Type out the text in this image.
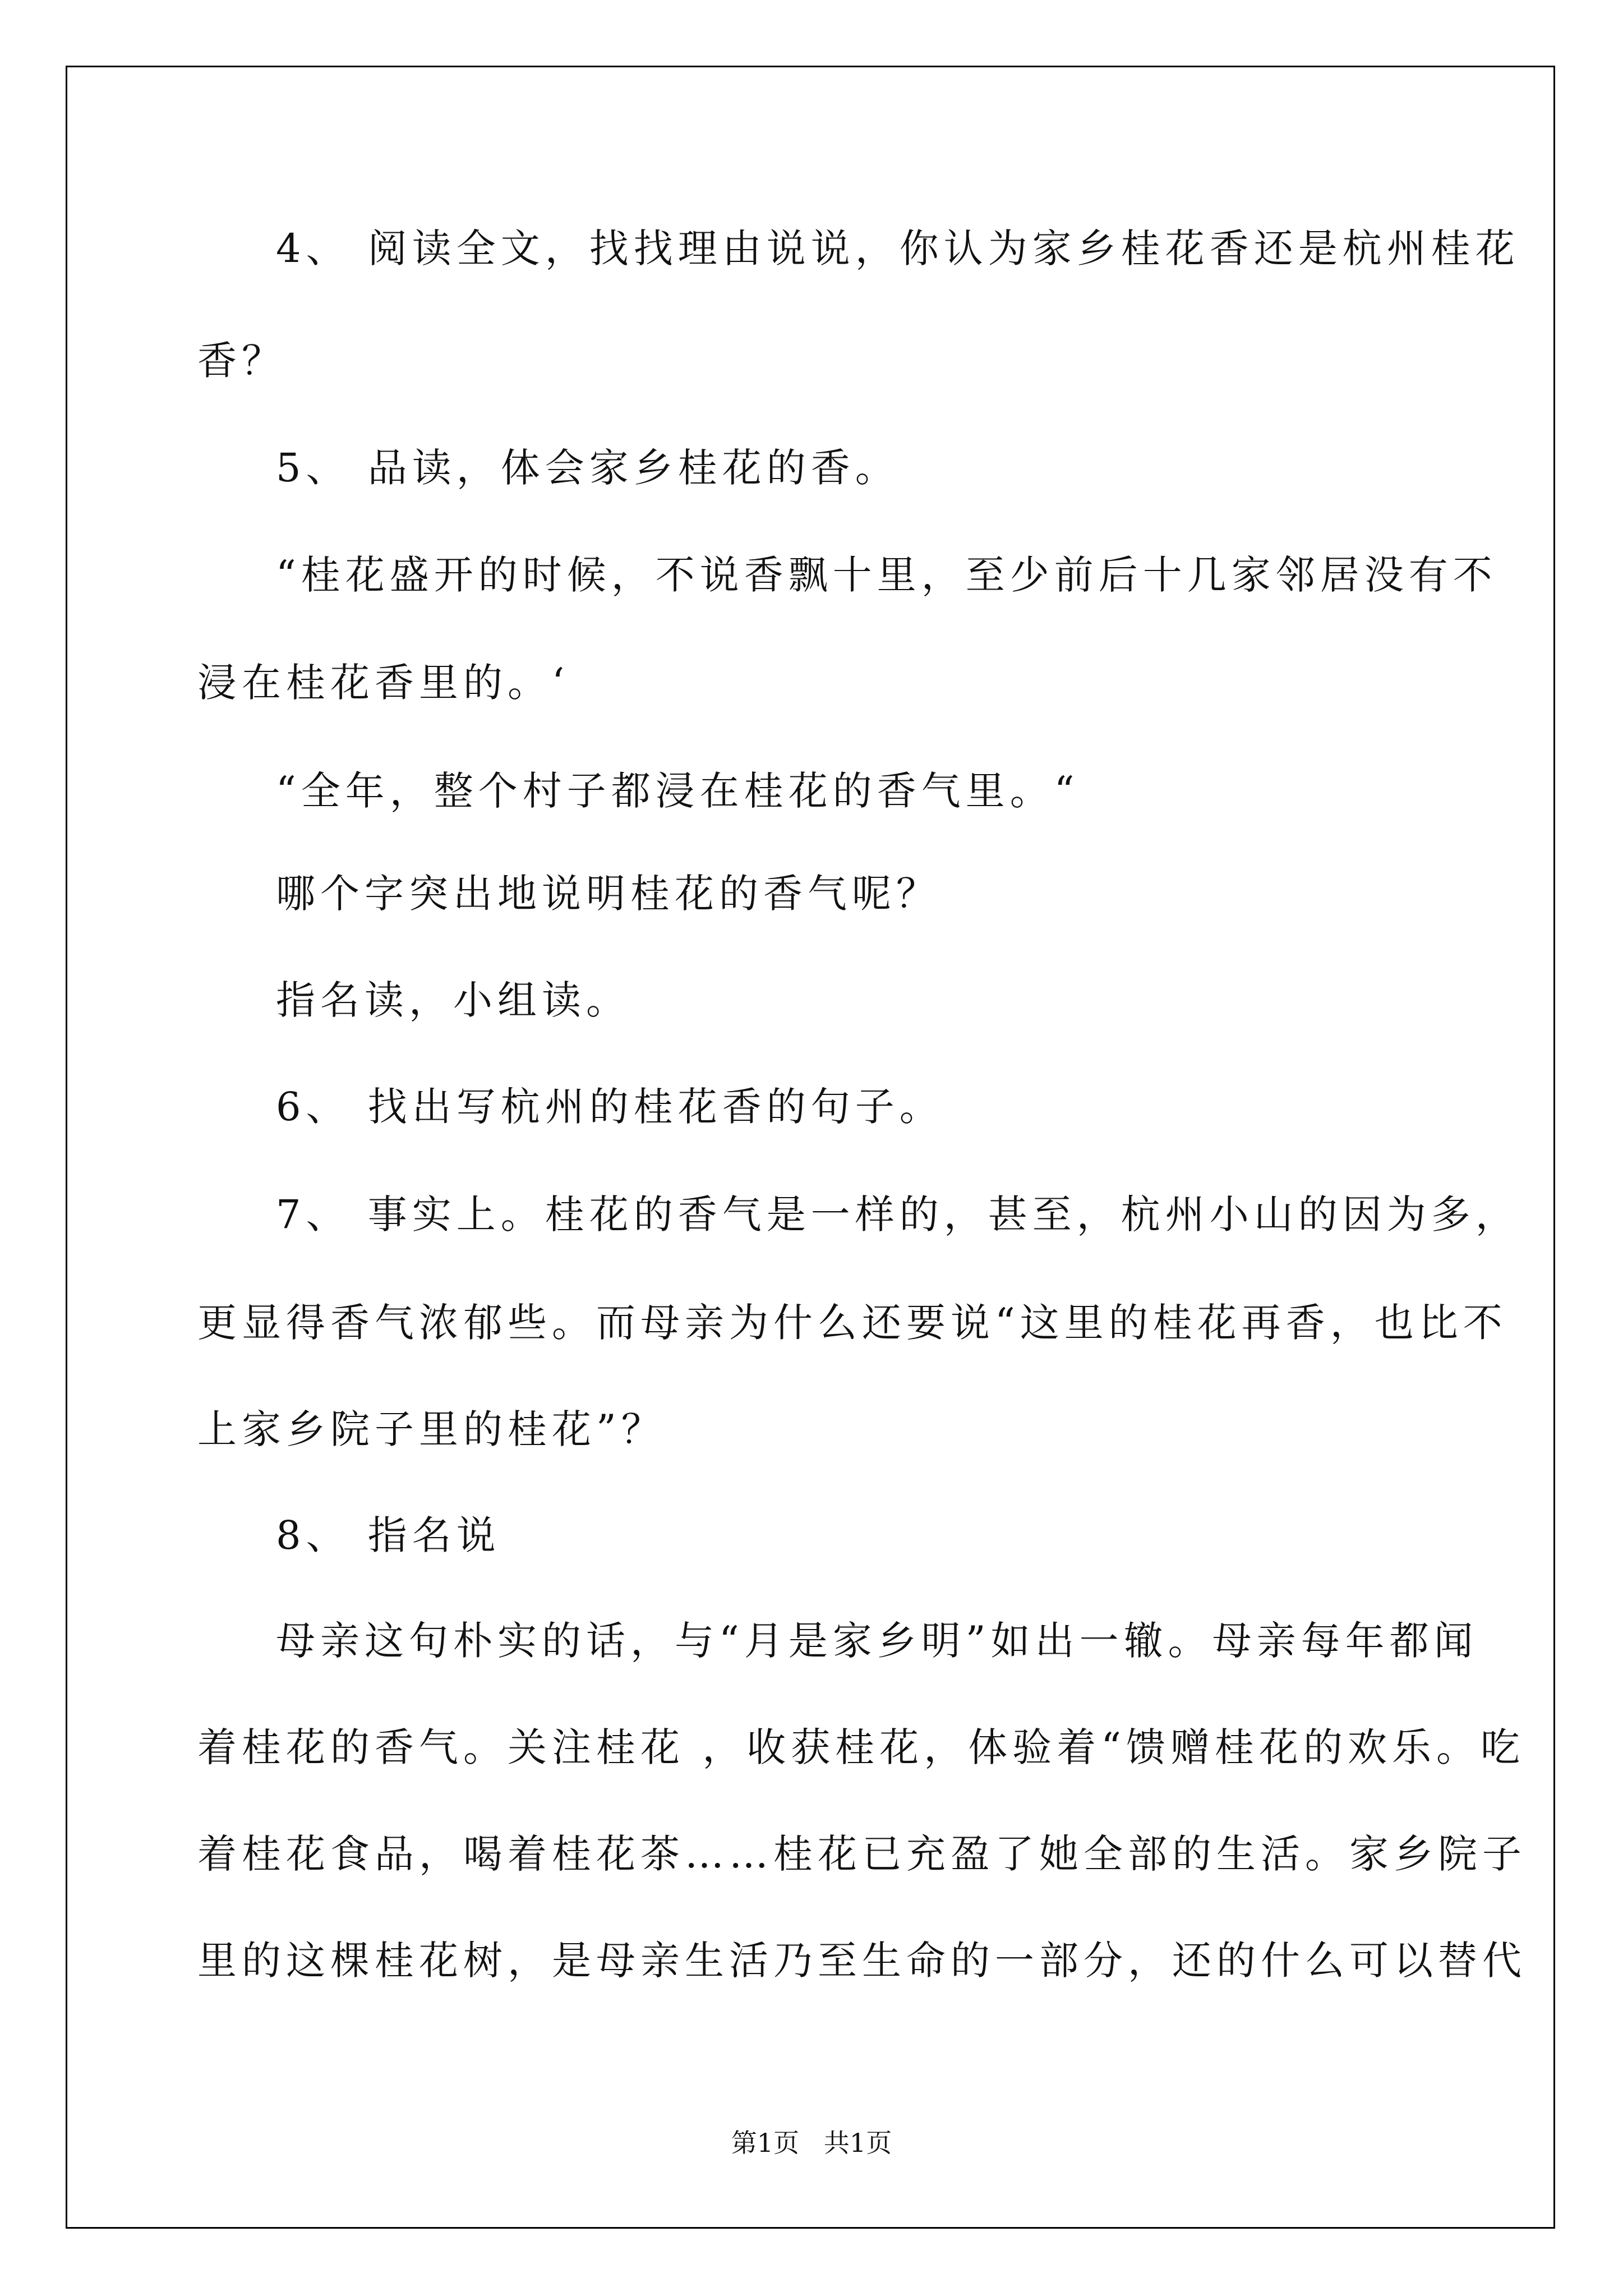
4、 阅读全文，找找理由说说，你认为家乡桂花香还是杭州桂花
香？
5、 品读，体会家乡桂花的香。
“桂花盛开的时候，不说香飘十里，至少前后十几家邻居没有不
浸在桂花香里的。‘
“全年，整个村子都浸在桂花的香气里。“
哪个字突出地说明桂花的香气呢？
指名读，小组读。
6、 找出写杭州的桂花香的句子。
7、 事实上。桂花的香气是一样的，甚至，杭州小山的因为多，
更显得香气浓郁些。而母亲为什么还要说“这里的桂花再香，也比不
上家乡院子里的桂花”？
8、 指名说
母亲这句朴实的话，与“月是家乡明”如出一辙。母亲每年都闻
着桂花的香气。关注桂花 ，收获桂花，体验着“馈赠桂花的欢乐。吃
着桂花食品，喝着桂花茶……桂花已充盈了她全部的生活。家乡院子
里的这棵桂花树，是母亲生活乃至生命的一部分，还的什么可以替代
第1页   共1页
